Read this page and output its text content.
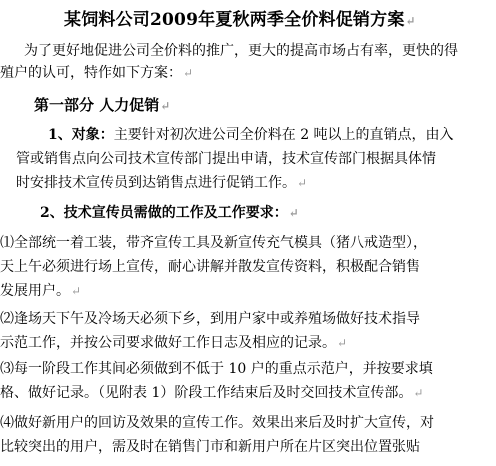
某饲料公司2009年夏秋两季全价料促销方案↵
为了更好地促进公司全价料的推广，更大的提高市场占有率，更快的得
殖户的认可，特作如下方案：↵
第一部分 人力促销↵
1、对象：主要针对初次进公司全价料在 2 吨以上的直销点，由入
管或销售点向公司技术宣传部门提出申请，技术宣传部门根据具体情
时安排技术宣传员到达销售点进行促销工作。↵
2、技术宣传员需做的工作及工作要求：↵
⑴全部统一着工装，带齐宣传工具及新宣传充气模具（猪八戒造型），
天上午必须进行场上宣传，耐心讲解并散发宣传资料，积极配合销售
发展用户。↵
⑵逢场天下午及冷场天必须下乡，到用户家中或养殖场做好技术指导
示范工作，并按公司要求做好工作日志及相应的记录。↵
⑶每一阶段工作其间必须做到不低于 10 户的重点示范户，并按要求填
格、做好记录。（见附表 1）阶段工作结束后及时交回技术宣传部。↵
⑷做好新用户的回访及效果的宣传工作。效果出来后及时扩大宣传，对
比较突出的用户，需及时在销售门市和新用户所在片区突出位置张贴
